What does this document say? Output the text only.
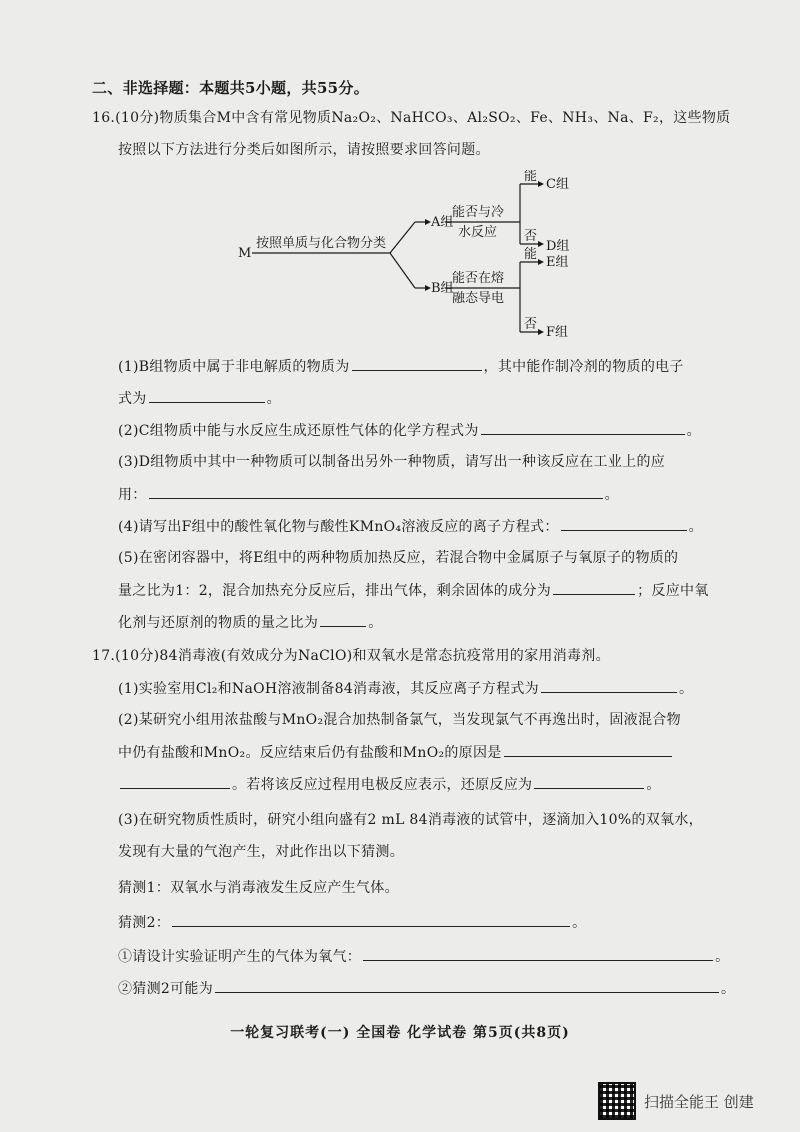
二、非选择题：本题共5小题，共55分。
16.(10分)物质集合M中含有常见物质Na₂O₂、NaHCO₃、Al₂SO₂、Fe、NH₃、Na、F₂，这些物质
按照以下方法进行分类后如图所示，请按照要求回答问题。
M
按照单质与化合物分类
A组
B组
能否与冷
水反应
能否在熔
融态导电
能
否
能
否
C组
D组
E组
F组
(1)B组物质中属于非电解质的物质为	，其中能作制冷剂的物质的电子
式为	。
(2)C组物质中能与水反应生成还原性气体的化学方程式为	。
(3)D组物质中其中一种物质可以制备出另外一种物质，请写出一种该反应在工业上的应
用：	。
(4)请写出F组中的酸性氧化物与酸性KMnO₄溶液反应的离子方程式：	。
(5)在密闭容器中，将E组中的两种物质加热反应，若混合物中金属原子与氧原子的物质的
量之比为1：2，混合加热充分反应后，排出气体，剩余固体的成分为	；反应中氧
化剂与还原剂的物质的量之比为	。
17.(10分)84消毒液(有效成分为NaClO)和双氧水是常态抗疫常用的家用消毒剂。
(1)实验室用Cl₂和NaOH溶液制备84消毒液，其反应离子方程式为	。
(2)某研究小组用浓盐酸与MnO₂混合加热制备氯气，当发现氯气不再逸出时，固液混合物
中仍有盐酸和MnO₂。反应结束后仍有盐酸和MnO₂的原因是
。若将该反应过程用电极反应表示，还原反应为	。
(3)在研究物质性质时，研究小组向盛有2 mL 84消毒液的试管中，逐滴加入10%的双氧水，
发现有大量的气泡产生，对此作出以下猜测。
猜测1：双氧水与消毒液发生反应产生气体。
猜测2：	。
①请设计实验证明产生的气体为氧气：	。
②猜测2可能为	。
一轮复习联考(一) 全国卷 化学试卷 第5页(共8页)
扫描全能王 创建
